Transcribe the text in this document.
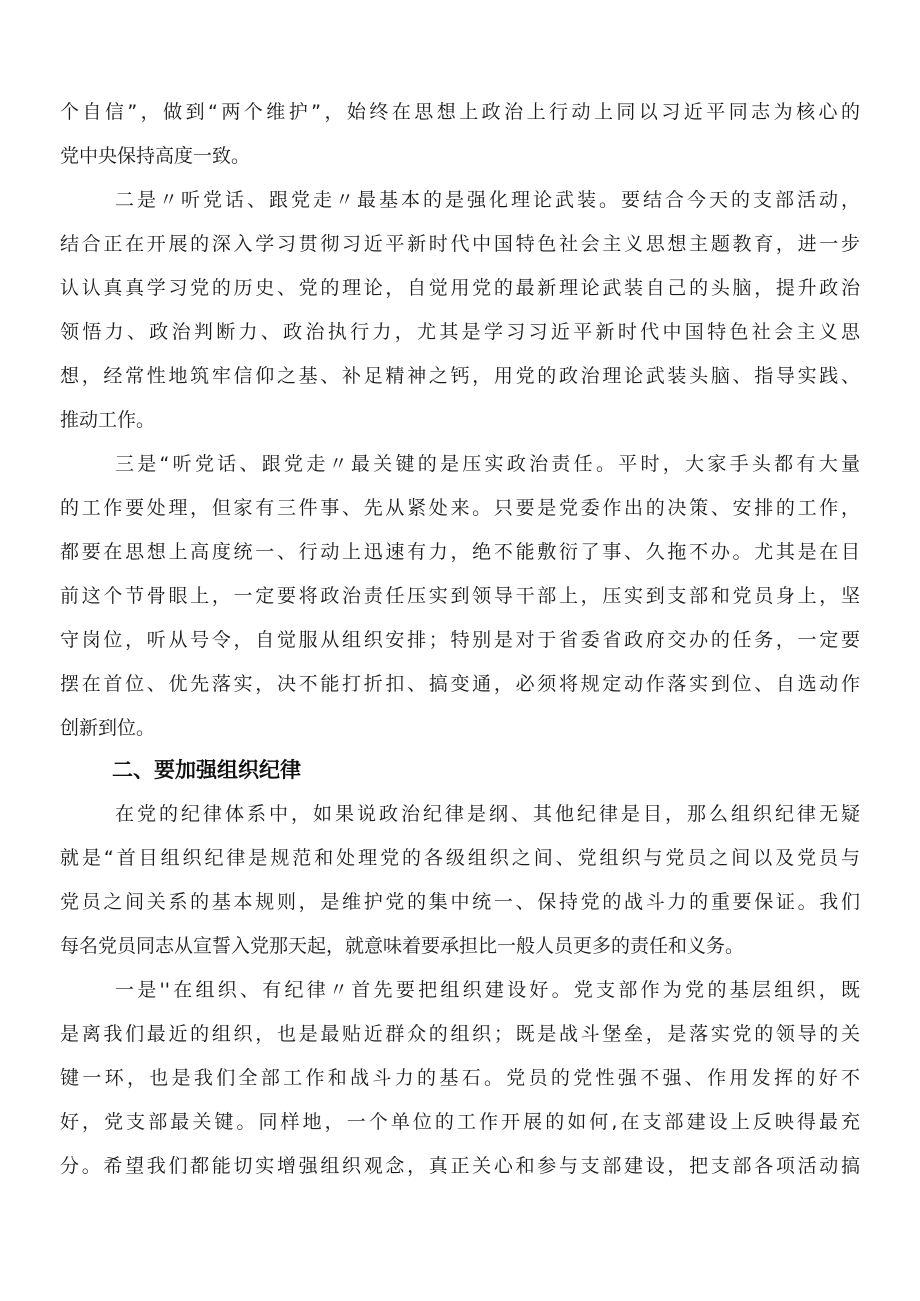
个自信”，做到“两个维护”，始终在思想上政治上行动上同以习近平同志为核心的
党中央保持高度一致。
二是〃听党话、跟党走〃最基本的是强化理论武装。要结合今天的支部活动，
结合正在开展的深入学习贯彻习近平新时代中国特色社会主义思想主题教育，进一步
认认真真学习党的历史、党的理论，自觉用党的最新理论武装自己的头脑，提升政治
领悟力、政治判断力、政治执行力，尤其是学习习近平新时代中国特色社会主义思
想，经常性地筑牢信仰之基、补足精神之钙，用党的政治理论武装头脑、指导实践、
推动工作。
三是“听党话、跟党走〃最关键的是压实政治责任。平时，大家手头都有大量
的工作要处理，但家有三件事、先从紧处来。只要是党委作出的决策、安排的工作，
都要在思想上高度统一、行动上迅速有力，绝不能敷衍了事、久拖不办。尤其是在目
前这个节骨眼上，一定要将政治责任压实到领导干部上，压实到支部和党员身上，坚
守岗位，听从号令，自觉服从组织安排；特别是对于省委省政府交办的任务，一定要
摆在首位、优先落实，决不能打折扣、搞变通，必须将规定动作落实到位、自选动作
创新到位。
二、要加强组织纪律
在党的纪律体系中，如果说政治纪律是纲、其他纪律是目，那么组织纪律无疑
就是“首目组织纪律是规范和处理党的各级组织之间、党组织与党员之间以及党员与
党员之间关系的基本规则，是维护党的集中统一、保持党的战斗力的重要保证。我们
每名党员同志从宣誓入党那天起，就意味着要承担比一般人员更多的责任和义务。
一是''在组织、有纪律〃首先要把组织建设好。党支部作为党的基层组织，既
是离我们最近的组织，也是最贴近群众的组织；既是战斗堡垒，是落实党的领导的关
键一环，也是我们全部工作和战斗力的基石。党员的党性强不强、作用发挥的好不
好，党支部最关键。同样地，一个单位的工作开展的如何,在支部建设上反映得最充
分。希望我们都能切实增强组织观念，真正关心和参与支部建设，把支部各项活动搞
